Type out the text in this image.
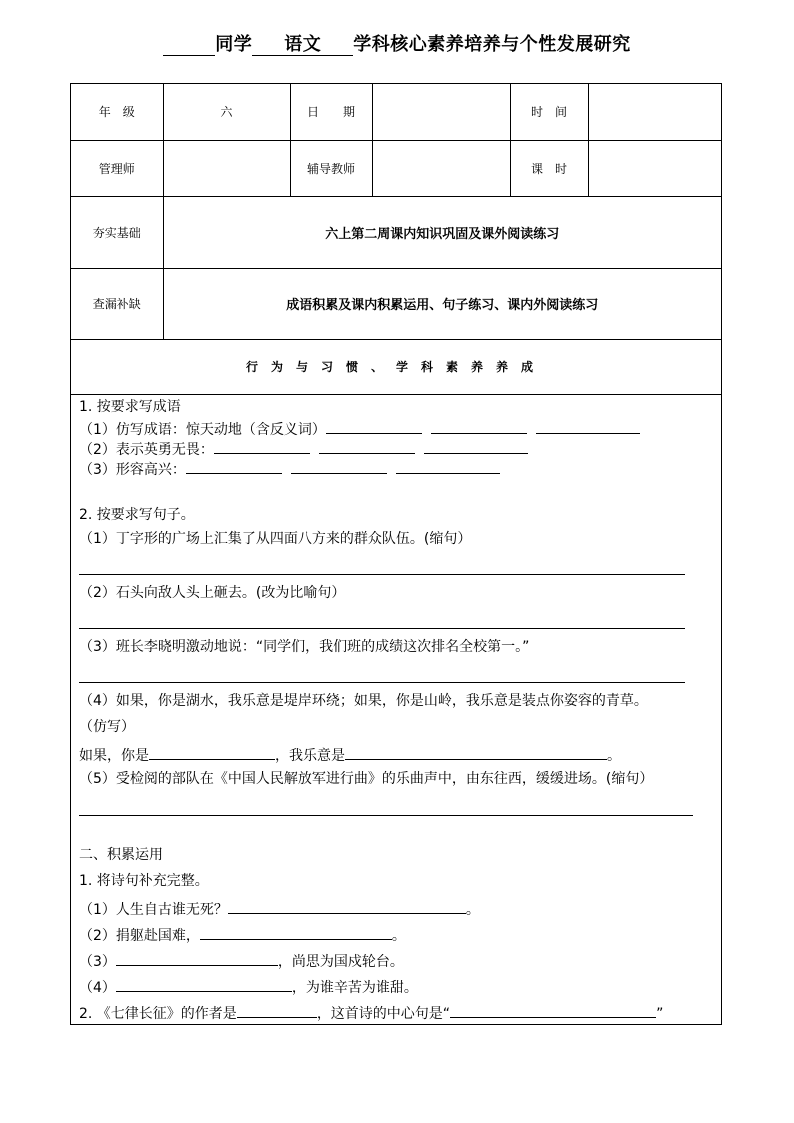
同学 语文 学科核心素养培养与个性发展研究
年　级	六	日　　期		时　间	
管理师		辅导教师		课　时	
夯实基础	六上第二周课内知识巩固及课外阅读练习				
查漏补缺	成语积累及课内积累运用、句子练习、课内外阅读练习				
行为与习惯、学科素养养成					
1. 按要求写成语
（1）仿写成语：惊天动地（含反义词）
（2）表示英勇无畏：
（3）形容高兴：
2. 按要求写句子。
（1）丁字形的广场上汇集了从四面八方来的群众队伍。(缩句）
（2）石头向敌人头上砸去。(改为比喻句）
（3）班长李晓明激动地说：“同学们，我们班的成绩这次排名全校第一。”
（4）如果，你是湖水，我乐意是堤岸环绕；如果，你是山岭，我乐意是装点你姿容的青草。
（仿写）
如果，你是	，我乐意是	。
（5）受检阅的部队在《中国人民解放军进行曲》的乐曲声中，由东往西，缓缓进场。(缩句）
二、积累运用
1. 将诗句补充完整。
（1）人生自古谁无死？	。
（2）捐躯赴国难，	。
（3）	，尚思为国戍轮台。
（4）	，为谁辛苦为谁甜。
2. 《七律长征》的作者是	，这首诗的中心句是“	”
